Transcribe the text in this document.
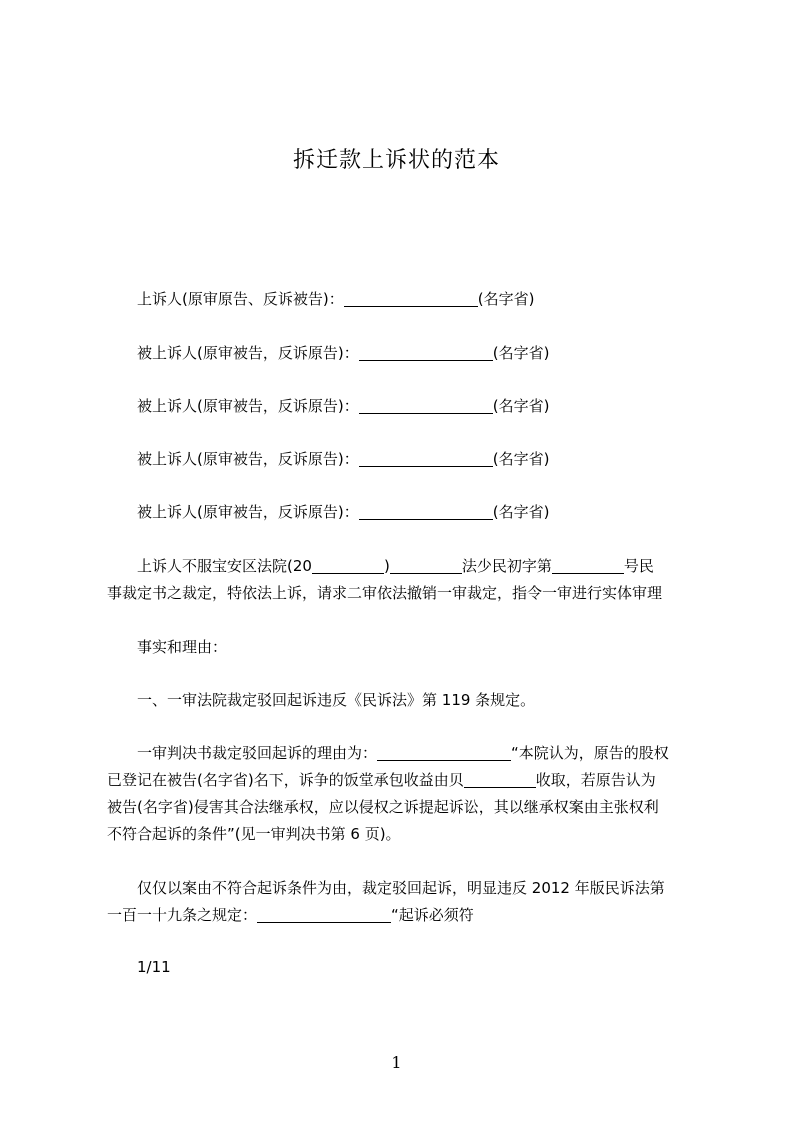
拆迁款上诉状的范本
上诉人(原审原告、反诉被告)：	(名字省)
被上诉人(原审被告，反诉原告)：	(名字省)
被上诉人(原审被告，反诉原告)：	(名字省)
被上诉人(原审被告，反诉原告)：	(名字省)
被上诉人(原审被告，反诉原告)：	(名字省)
上诉人不服宝安区法院(20	)	法少民初字第	号民
事裁定书之裁定，特依法上诉，请求二审依法撤销一审裁定，指令一审进行实体审理
事实和理由：
一、一审法院裁定驳回起诉违反《民诉法》第 119 条规定。
一审判决书裁定驳回起诉的理由为：	“本院认为，原告的股权
已登记在被告(名字省)名下，诉争的饭堂承包收益由贝	收取，若原告认为
被告(名字省)侵害其合法继承权，应以侵权之诉提起诉讼，其以继承权案由主张权利
不符合起诉的条件”(见一审判决书第 6 页)。
仅仅以案由不符合起诉条件为由，裁定驳回起诉，明显违反 2012 年版民诉法第
一百一十九条之规定：	“起诉必须符
1/11
1
